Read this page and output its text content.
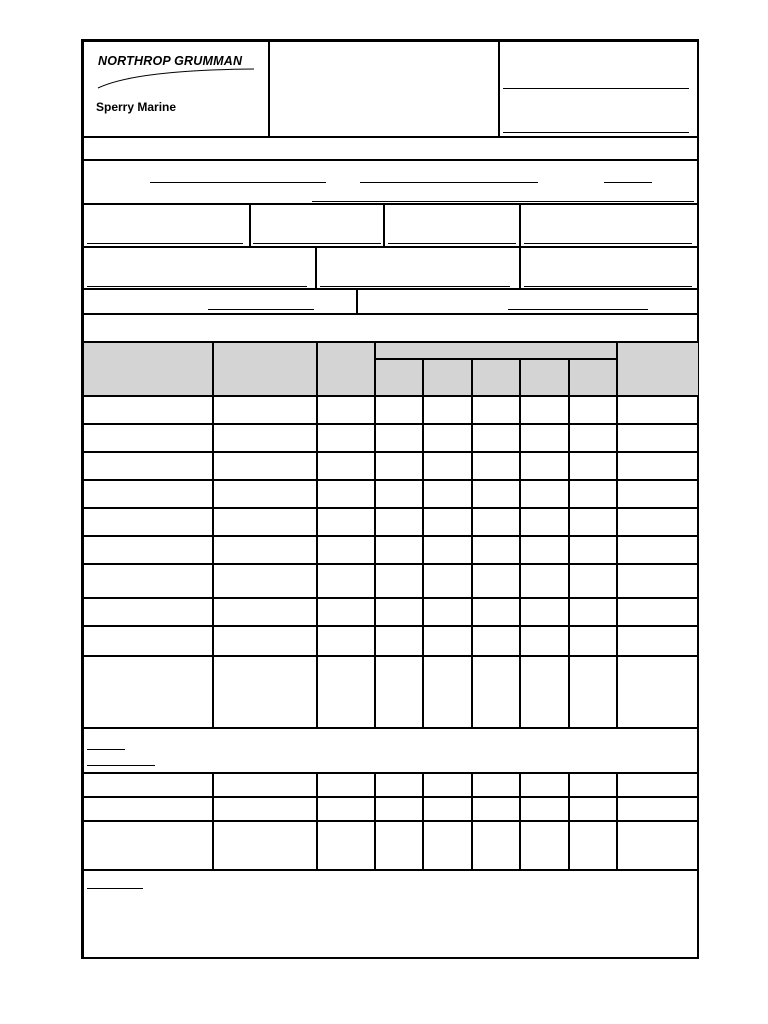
NORTHROP GRUMMAN
Sperry Marine
